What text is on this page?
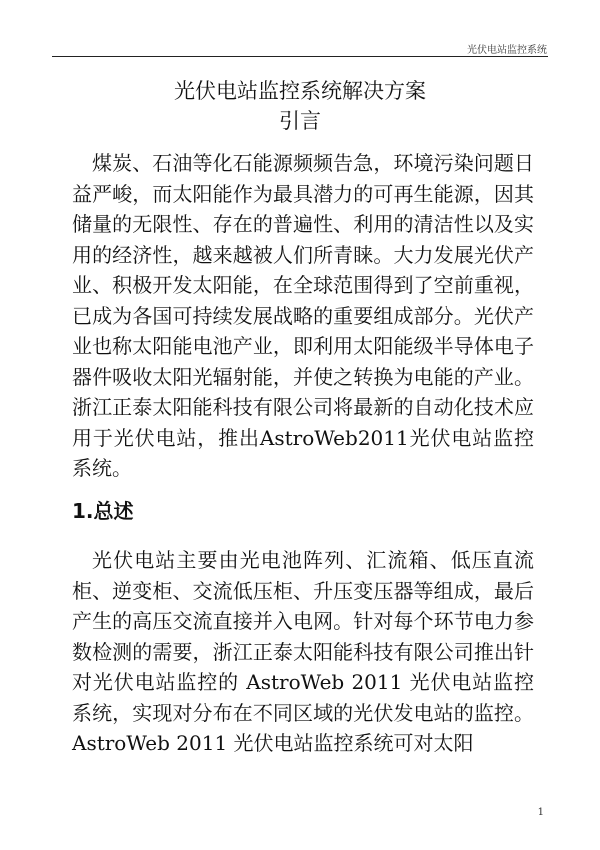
光伏电站监控系统
光伏电站监控系统解决方案
引言

煤炭、石油等化石能源频频告急，环境污染问题日益严峻，而太阳能作为最具潜力的可再生能源，因其储量的无限性、存在的普遍性、利用的清洁性以及实用的经济性，越来越被人们所青睐。大力发展光伏产业、积极开发太阳能，在全球范围得到了空前重视，已成为各国可持续发展战略的重要组成部分。光伏产业也称太阳能电池产业，即利用太阳能级半导体电子器件吸收太阳光辐射能，并使之转换为电能的产业。浙江正泰太阳能科技有限公司将最新的自动化技术应用于光伏电站，推出AstroWeb2011光伏电站监控系统。

1.总述

光伏电站主要由光电池阵列、汇流箱、低压直流柜、逆变柜、交流低压柜、升压变压器等组成，最后产生的高压交流直接并入电网。针对每个环节电力参数检测的需要，浙江正泰太阳能科技有限公司推出针对光伏电站监控的 AstroWeb 2011 光伏电站监控系统，实现对分布在不同区域的光伏发电站的监控。AstroWeb 2011 光伏电站监控系统可对太阳

1
